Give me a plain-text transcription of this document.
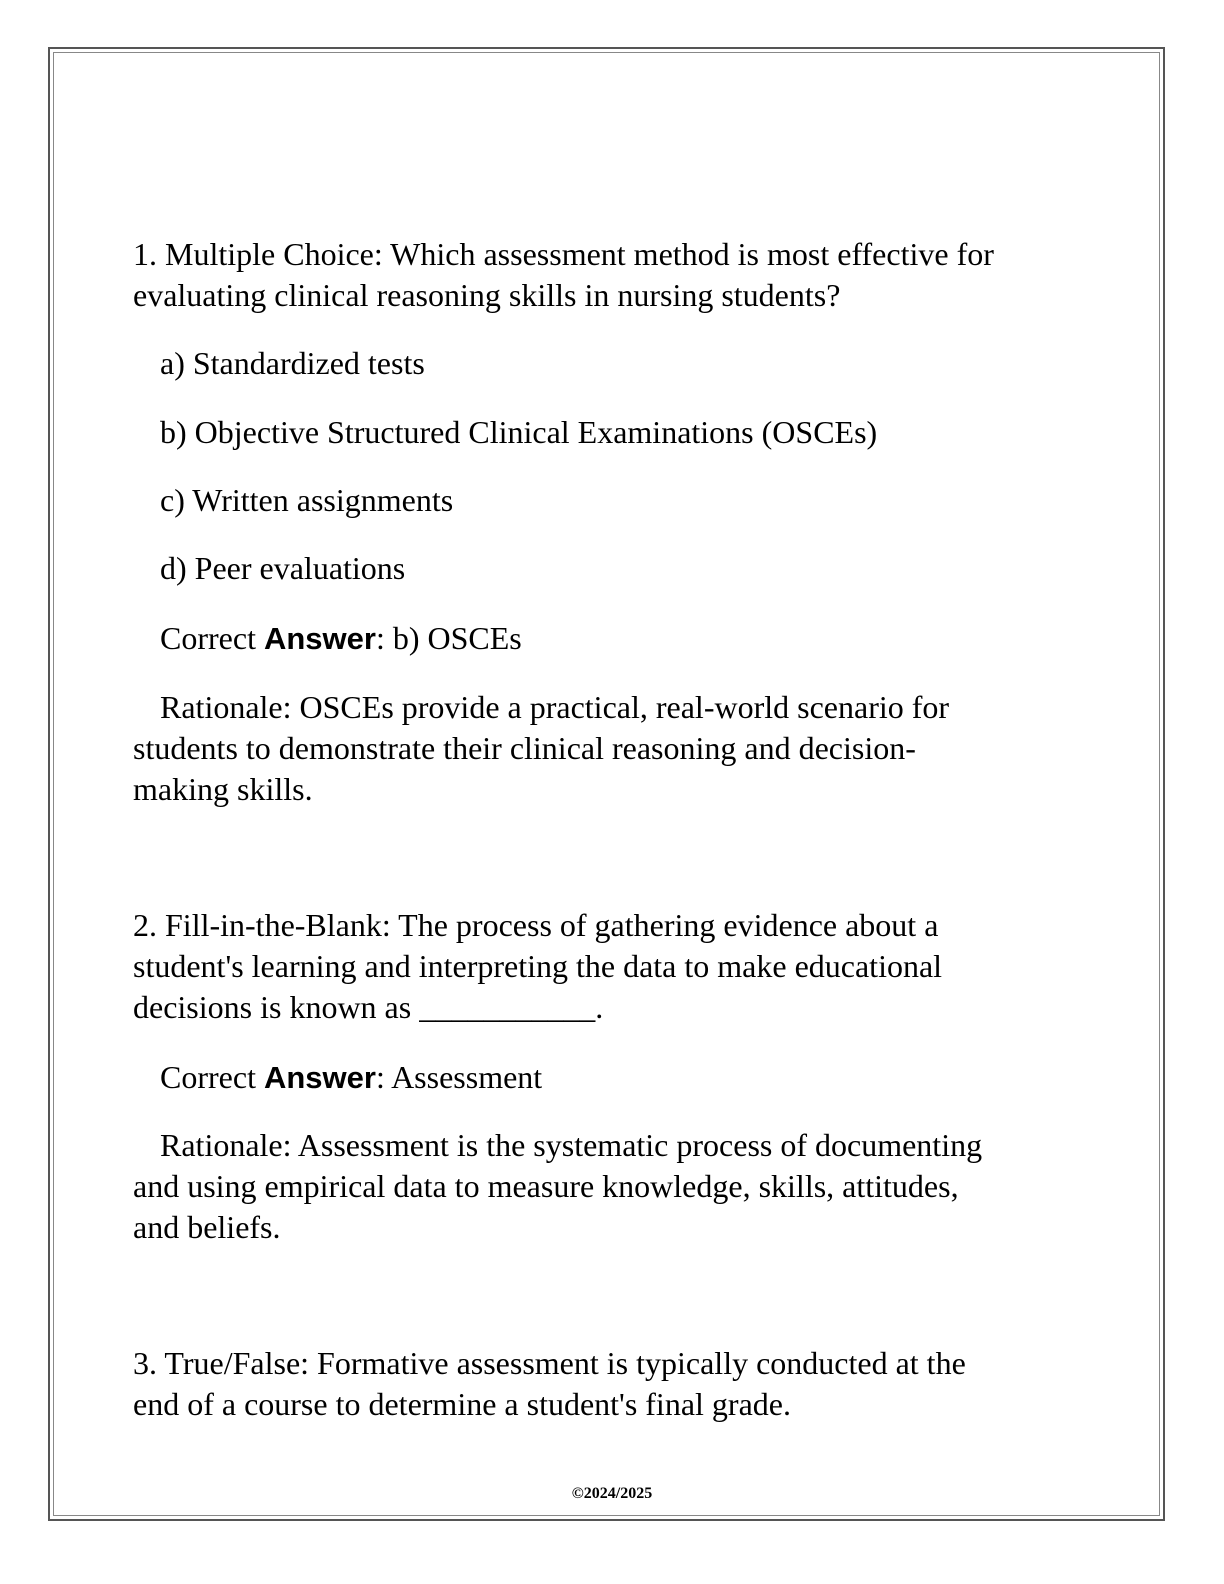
1. Multiple Choice: Which assessment method is most effective for
evaluating clinical reasoning skills in nursing students?
a) Standardized tests
b) Objective Structured Clinical Examinations (OSCEs)
c) Written assignments
d) Peer evaluations
Correct Answer: b) OSCEs
Rationale: OSCEs provide a practical, real-world scenario for
students to demonstrate their clinical reasoning and decision-
making skills.
2. Fill-in-the-Blank: The process of gathering evidence about a
student's learning and interpreting the data to make educational
decisions is known as ___________.
Correct Answer: Assessment
Rationale: Assessment is the systematic process of documenting
and using empirical data to measure knowledge, skills, attitudes,
and beliefs.
3. True/False: Formative assessment is typically conducted at the
end of a course to determine a student's final grade.
©2024/2025
